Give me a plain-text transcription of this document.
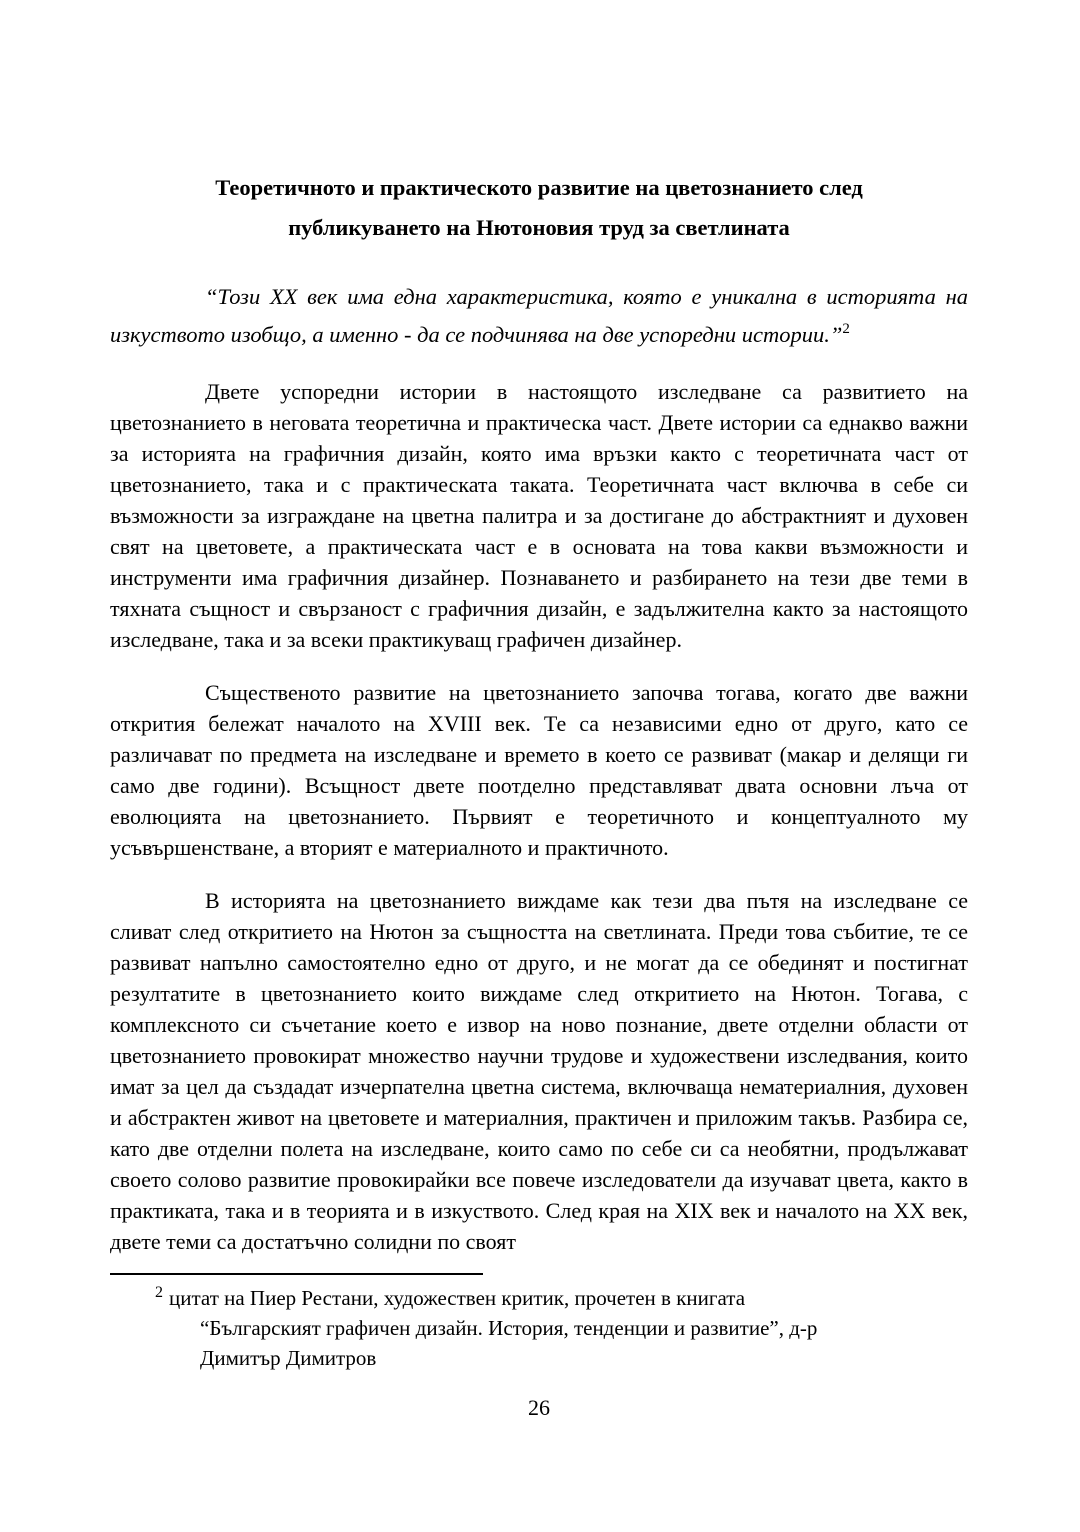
Теоретичното и практическото развитие на цветознанието след
публикуването на Нютоновия труд за светлината
“Този XX век има една характеристика, която е уникална в историята на изкуството изобщо, а именно - да се подчинява на две успоредни истории.”$^2$

Двете успоредни истории в настоящото изследване са развитието на цветознанието в неговата теоретична и практическа част. Двете истории са еднакво важни за историята на графичния дизайн, която има връзки както с теоретичната част от цветознанието, така и с практическата таката. Теоретичната част включва в себе си възможности за изграждане на цветна палитра и за достигане до абстрактният и духовен свят на цветовете, а практическата част е в основата на това какви възможности и инструменти има графичния дизайнер. Познаването и разбирането на тези две теми в тяхната същност и свързаност с графичния дизайн, е задължителна както за настоящото изследване, така и за всеки практикуващ графичен дизайнер.

Същественото развитие на цветознанието започва тогава, когато две важни открития бележат началото на XVIII век. Те са независими едно от друго, като се различават по предмета на изследване и времето в което се развиват (макар и делящи ги само две години). Всъщност двете поотделно представляват двата основни лъча от еволюцията на цветознанието. Първият е теоретичното и концептуалното му усъвършенстване, а вторият е материалното и практичното.

В историята на цветознанието виждаме как тези два пътя на изследване се сливат след откритието на Нютон за същността на светлината. Преди това събитие, те се развиват напълно самостоятелно едно от друго, и не могат да се обединят и постигнат резултатите в цветознанието които виждаме след откритието на Нютон. Тогава, с комплексното си съчетание което е извор на ново познание, двете отделни области от цветознанието провокират множество научни трудове и художествени изследвания, които имат за цел да създадат изчерпателна цветна система, включваща нематериалния, духовен и абстрактен живот на цветовете и материалния, практичен и приложим такъв. Разбира се, като две отделни полета на изследване, които само по себе си са необятни, продължават своето солово развитие провокирайки все повече изследователи да изучават цвета, както в практиката, така и в теорията и в изкуството. След края на XIX век и началото на XX век, двете теми са достатъчно солидни по своят

$^2$ цитат на Пиер Рестани, художествен критик, прочетен в книгата
“Българският графичен дизайн. История, тенденции и развитие”, д-р
Димитър Димитров
26
